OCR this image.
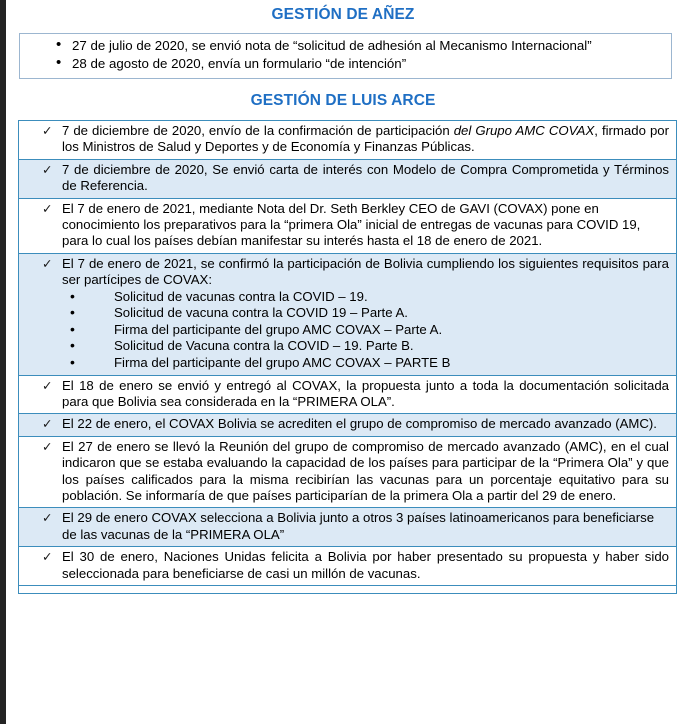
GESTIÓN DE AÑEZ
• 27 de julio de 2020, se envió nota de “solicitud de adhesión al Mecanismo Internacional”
• 28 de agosto de 2020, envía un formulario “de intención”
GESTIÓN DE LUIS ARCE
✓ 7 de diciembre de 2020, envío de la confirmación de participación del Grupo AMC COVAX, firmado por los Ministros de Salud y Deportes y de Economía y Finanzas Públicas.

✓ 7 de diciembre de 2020, Se envió carta de interés con Modelo de Compra Comprometida y Términos de Referencia.

✓ El 7 de enero de 2021, mediante Nota del Dr. Seth Berkley CEO de GAVI (COVAX) pone en conocimiento los preparativos para la “primera Ola” inicial de entregas de vacunas para COVID 19, para lo cual los países debían manifestar su interés hasta el 18 de enero de 2021.

✓ El 7 de enero de 2021, se confirmó la participación de Bolivia cumpliendo los siguientes requisitos para ser partícipes de COVAX:
• Solicitud de vacunas contra la COVID – 19.
• Solicitud de vacuna contra la COVID 19 – Parte A.
• Firma del participante del grupo AMC COVAX – Parte A.
• Solicitud de Vacuna contra la COVID – 19. Parte B.
• Firma del participante del grupo AMC COVAX – PARTE B

✓ El 18 de enero se envió y entregó al COVAX, la propuesta junto a toda la documentación solicitada para que Bolivia sea considerada en la “PRIMERA OLA”.

✓ El 22 de enero, el COVAX Bolivia se acrediten el grupo de compromiso de mercado avanzado (AMC).

✓ El 27 de enero se llevó la Reunión del grupo de compromiso de mercado avanzado (AMC), en el cual indicaron que se estaba evaluando la capacidad de los países para participar de la “Primera Ola” y que los países calificados para la misma recibirían las vacunas para un porcentaje equitativo para su población. Se informaría de que países participarían de la primera Ola a partir del 29 de enero.

✓ El 29 de enero COVAX selecciona a Bolivia junto a otros 3 países latinoamericanos para beneficiarse de las vacunas de la “PRIMERA OLA”

✓ El 30 de enero, Naciones Unidas felicita a Bolivia por haber presentado su propuesta y haber sido seleccionada para beneficiarse de casi un millón de vacunas.
